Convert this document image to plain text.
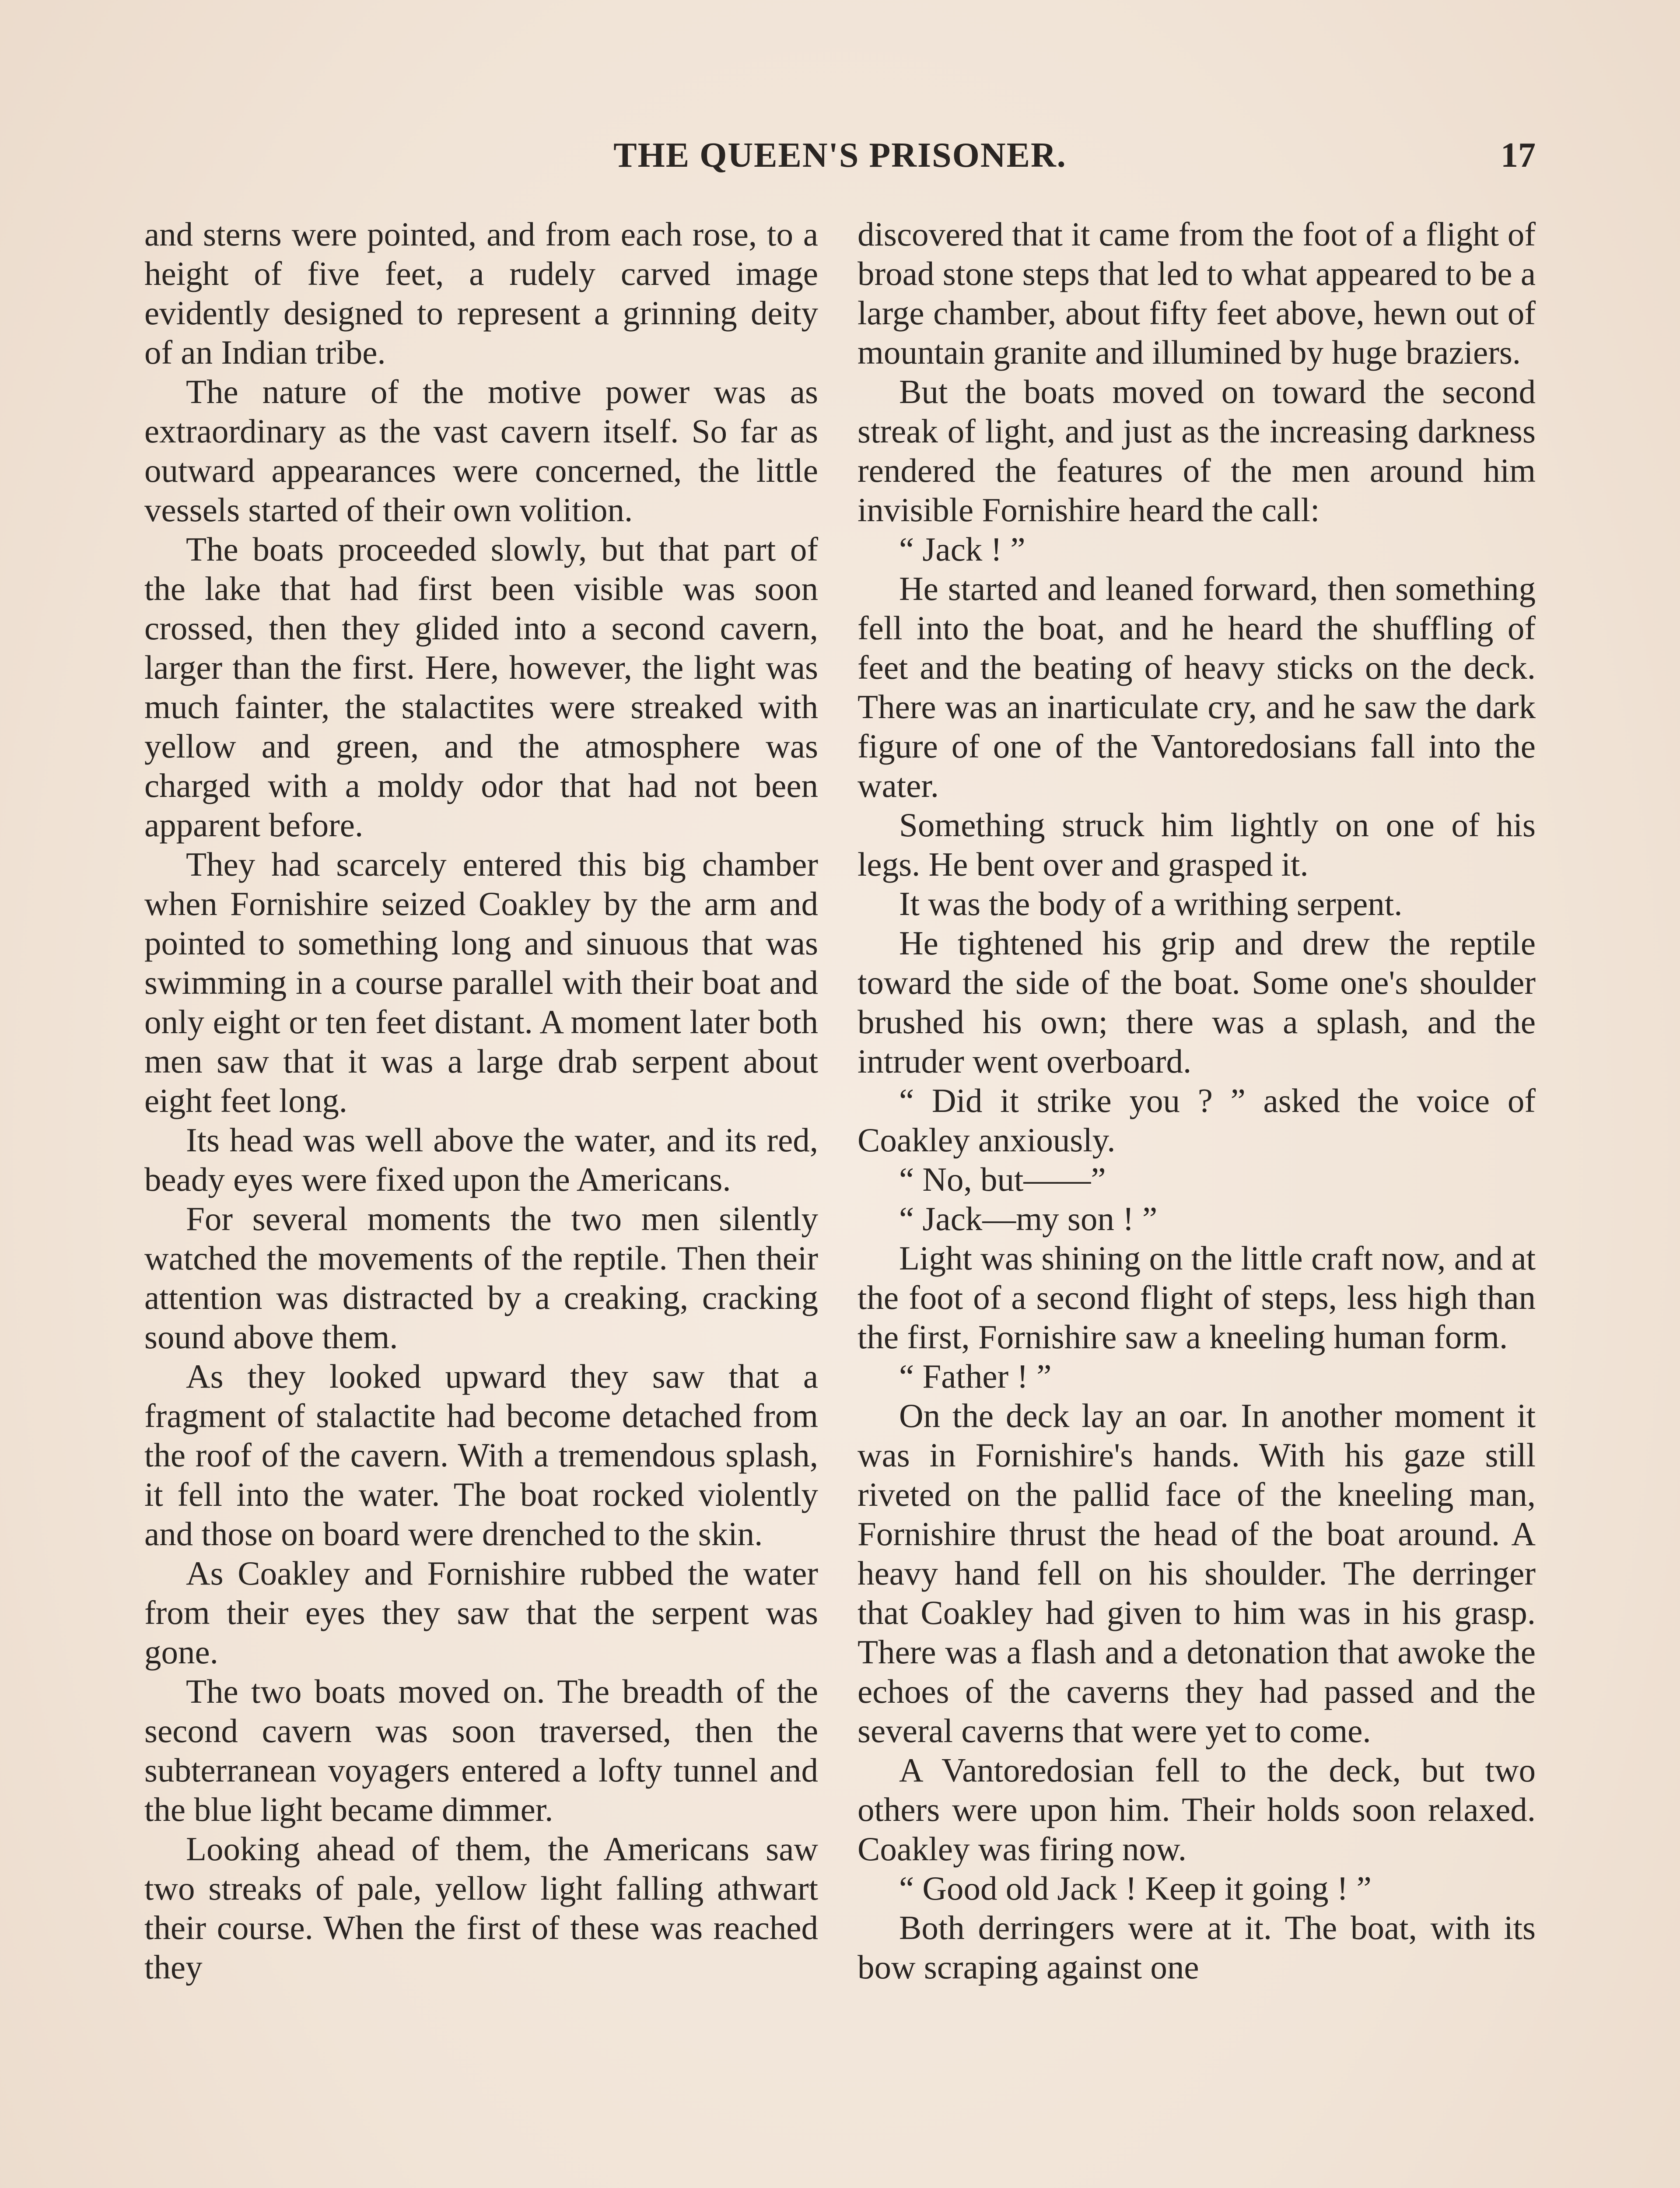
THE QUEEN'S PRISONER.	17

and sterns were pointed, and from each rose, to a height of five feet, a rudely carved image evidently designed to represent a grinning deity of an Indian tribe.

The nature of the motive power was as extraordinary as the vast cavern itself. So far as outward appearances were concerned, the little vessels started of their own volition.

The boats proceeded slowly, but that part of the lake that had first been visible was soon crossed, then they glided into a second cavern, larger than the first. Here, however, the light was much fainter, the stalactites were streaked with yellow and green, and the atmosphere was charged with a moldy odor that had not been apparent before.

They had scarcely entered this big chamber when Fornishire seized Coakley by the arm and pointed to something long and sinuous that was swimming in a course parallel with their boat and only eight or ten feet distant. A moment later both men saw that it was a large drab serpent about eight feet long.

Its head was well above the water, and its red, beady eyes were fixed upon the Americans.

For several moments the two men silently watched the movements of the reptile. Then their attention was distracted by a creaking, cracking sound above them.

As they looked upward they saw that a fragment of stalactite had become detached from the roof of the cavern. With a tremendous splash, it fell into the water. The boat rocked violently and those on board were drenched to the skin.

As Coakley and Fornishire rubbed the water from their eyes they saw that the serpent was gone.

The two boats moved on. The breadth of the second cavern was soon traversed, then the subterranean voyagers entered a lofty tunnel and the blue light became dimmer.

Looking ahead of them, the Americans saw two streaks of pale, yellow light falling athwart their course. When the first of these was reached they

discovered that it came from the foot of a flight of broad stone steps that led to what appeared to be a large chamber, about fifty feet above, hewn out of mountain granite and illumined by huge braziers.

But the boats moved on toward the second streak of light, and just as the increasing darkness rendered the features of the men around him invisible Fornishire heard the call:

“ Jack ! ”

He started and leaned forward, then something fell into the boat, and he heard the shuffling of feet and the beating of heavy sticks on the deck. There was an inarticulate cry, and he saw the dark figure of one of the Vantoredosians fall into the water.

Something struck him lightly on one of his legs. He bent over and grasped it.

It was the body of a writhing serpent.

He tightened his grip and drew the reptile toward the side of the boat. Some one's shoulder brushed his own; there was a splash, and the intruder went overboard.

“ Did it strike you ? ” asked the voice of Coakley anxiously.

“ No, but——”

“ Jack—my son ! ”

Light was shining on the little craft now, and at the foot of a second flight of steps, less high than the first, Fornishire saw a kneeling human form.

“ Father ! ”

On the deck lay an oar. In another moment it was in Fornishire's hands. With his gaze still riveted on the pallid face of the kneeling man, Fornishire thrust the head of the boat around. A heavy hand fell on his shoulder. The derringer that Coakley had given to him was in his grasp. There was a flash and a detonation that awoke the echoes of the caverns they had passed and the several caverns that were yet to come.

A Vantoredosian fell to the deck, but two others were upon him. Their holds soon relaxed. Coakley was firing now.

“ Good old Jack ! Keep it going ! ”

Both derringers were at it. The boat, with its bow scraping against one
